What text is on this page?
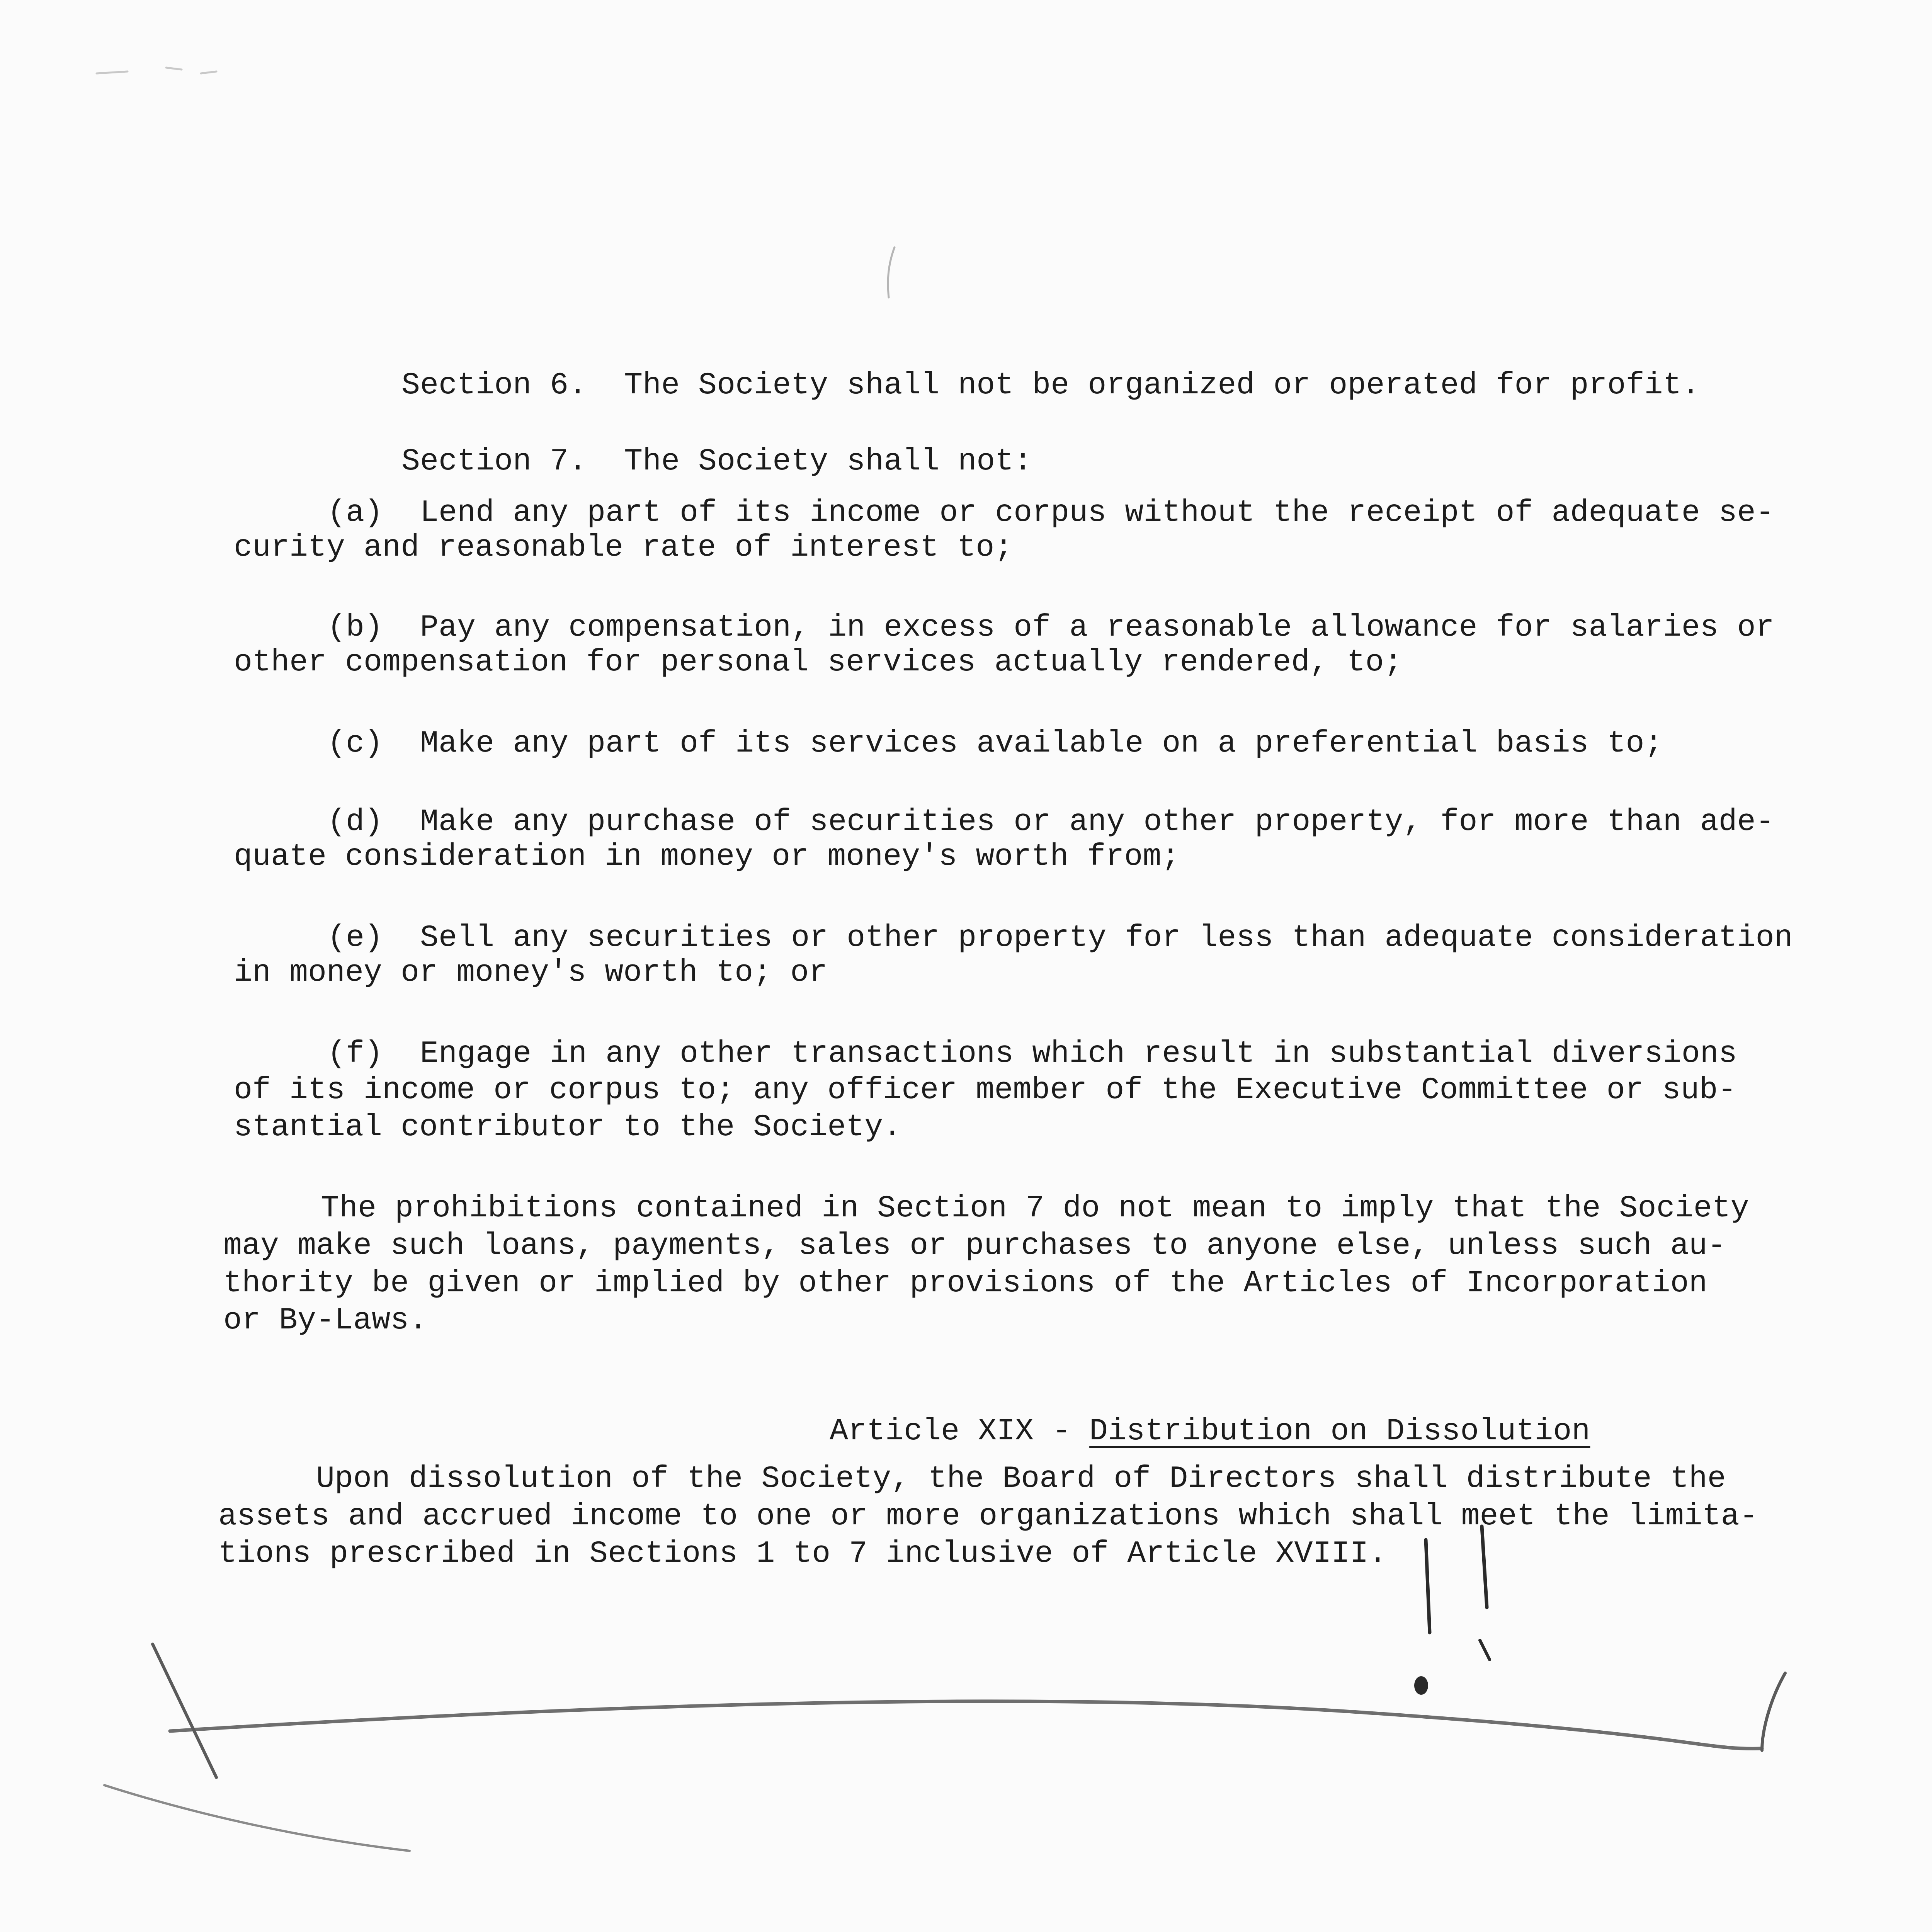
Section 6. The Society shall not be organized or operated for profit.

Section 7. The Society shall not:

(a)  Lend any part of its income or corpus without the receipt of adequate se-
curity and reasonable rate of interest to;
(b)  Pay any compensation, in excess of a reasonable allowance for salaries or
other compensation for personal services actually rendered, to;
(c)  Make any part of its services available on a preferential basis to;
(d)  Make any purchase of securities or any other property, for more than ade-
quate consideration in money or money's worth from;
(e)  Sell any securities or other property for less than adequate consideration
in money or money's worth to; or
(f)  Engage in any other transactions which result in substantial diversions
of its income or corpus to; any officer member of the Executive Committee or sub-
stantial contributor to the Society.
The prohibitions contained in Section 7 do not mean to imply that the Society
may make such loans, payments, sales or purchases to anyone else, unless such au-
thority be given or implied by other provisions of the Articles of Incorporation
or By-Laws.

Article XIX - Distribution on Dissolution

Upon dissolution of the Society, the Board of Directors shall distribute the
assets and accrued income to one or more organizations which shall meet the limita-
tions prescribed in Sections 1 to 7 inclusive of Article XVIII.
